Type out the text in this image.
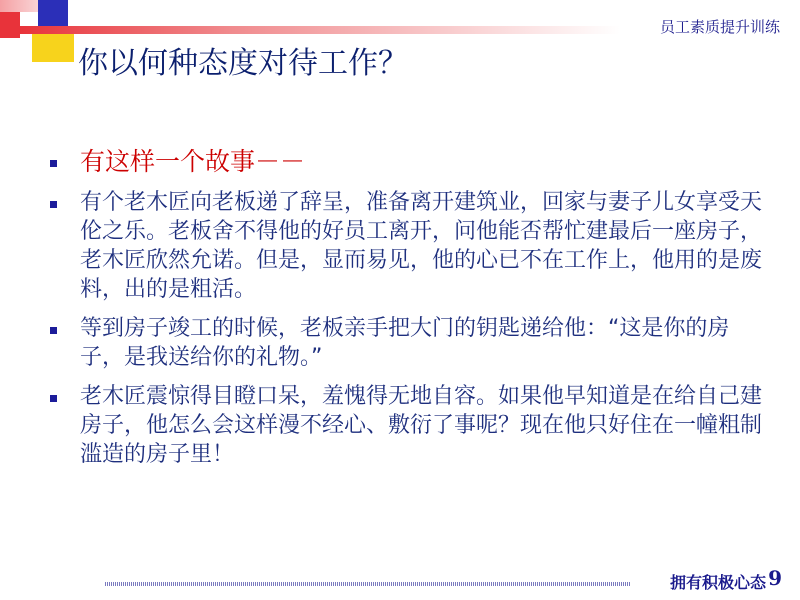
员工素质提升训练
你以何种态度对待工作？
有这样一个故事－－
有个老木匠向老板递了辞呈，准备离开建筑业，回家与妻子儿女享受天伦之乐。老板舍不得他的好员工离开，问他能否帮忙建最后一座房子，老木匠欣然允诺。但是，显而易见，他的心已不在工作上，他用的是废料，出的是粗活。
等到房子竣工的时候，老板亲手把大门的钥匙递给他：“这是你的房子，是我送给你的礼物。”
老木匠震惊得目瞪口呆，羞愧得无地自容。如果他早知道是在给自己建房子，他怎么会这样漫不经心、敷衍了事呢？现在他只好住在一幢粗制滥造的房子里！
拥有积极心态 9
